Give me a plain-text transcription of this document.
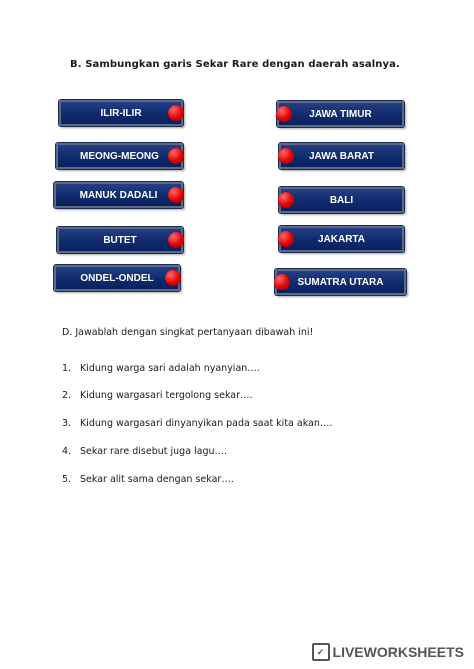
B. Sambungkan garis Sekar Rare dengan daerah asalnya.
ILIR-ILIR
MEONG-MEONG
MANUK DADALI
BUTET
ONDEL-ONDEL
JAWA TIMUR
JAWA BARAT
BALI
JAKARTA
SUMATRA UTARA
D. Jawablah dengan singkat pertanyaan dibawah ini!
1. Kidung warga sari adalah nyanyian….
2. Kidung wargasari tergolong sekar….
3. Kidung wargasari dinyanyikan pada saat kita akan….
4. Sekar rare disebut juga lagu….
5. Sekar alit sama dengan sekar….
✓ LIVEWORKSHEETS
